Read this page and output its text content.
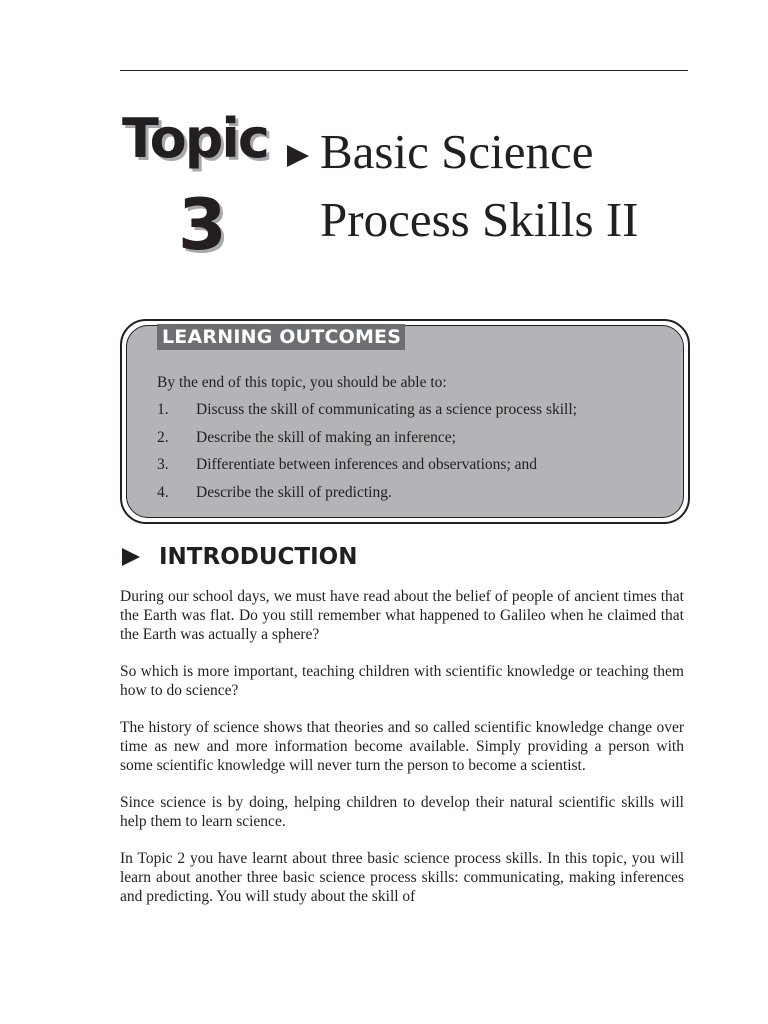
Topic
3
Basic Science
Process Skills II
LEARNING OUTCOMES
By the end of this topic, you should be able to:
1.	Discuss the skill of communicating as a science process skill;
2.	Describe the skill of making an inference;
3.	Differentiate between inferences and observations; and
4.	Describe the skill of predicting.
INTRODUCTION

During our school days, we must have read about the belief of people of ancient times that the Earth was flat. Do you still remember what happened to Galileo when he claimed that the Earth was actually a sphere?

So which is more important, teaching children with scientific knowledge or teaching them how to do science?

The history of science shows that theories and so called scientific knowledge change over time as new and more information become available. Simply providing a person with some scientific knowledge will never turn the person to become a scientist.

Since science is by doing, helping children to develop their natural scientific skills will help them to learn science.

In Topic 2 you have learnt about three basic science process skills. In this topic, you will learn about another three basic science process skills: communicating, making inferences and predicting. You will study about the skill of
